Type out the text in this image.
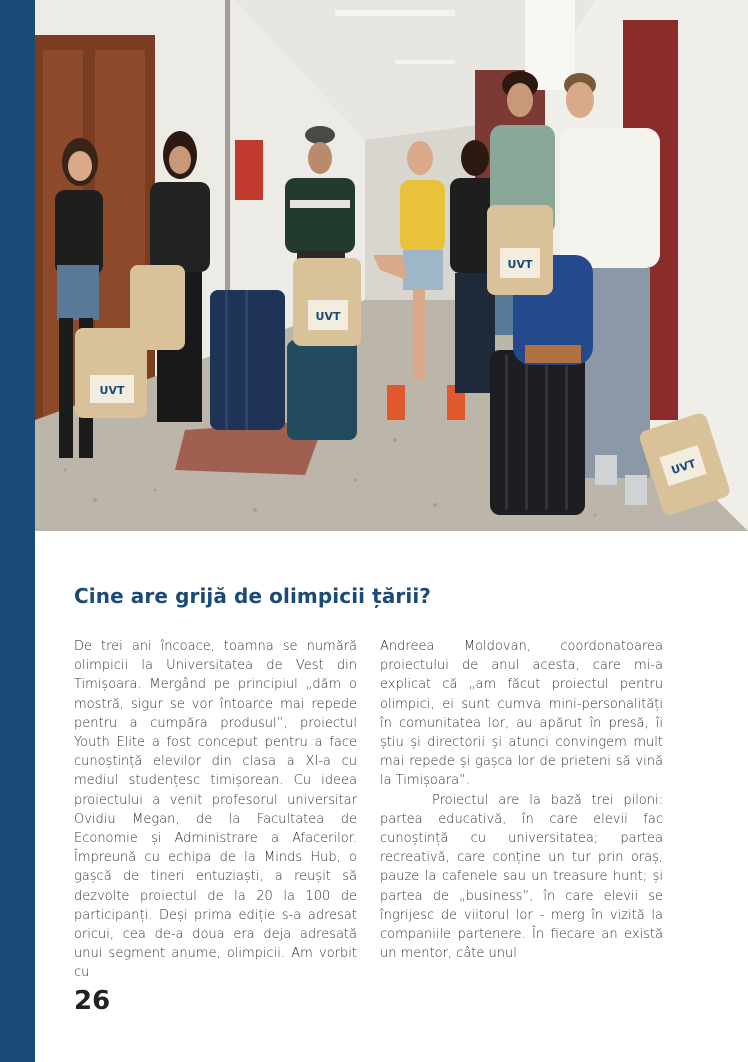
UVT
UVT
UVT
UVT
Cine are grijă de olimpicii țării?

De trei ani încoace, toamna se numără olimpicii la Universitatea de Vest din Timișoara. Mergând pe principiul „dăm o mostră, sigur se vor întoarce mai repede pentru a cumpăra produsul”, proiectul Youth Elite a fost conceput pentru a face cunoștință elevilor din clasa a XI-a cu mediul studențesc timișorean. Cu ideea proiectului a venit profesorul universitar Ovidiu Megan, de la Facultatea de Economie și Administrare a Afacerilor. Împreună cu echipa de la Minds Hub, o gașcă de tineri entuziaști, a reușit să dezvolte proiectul de la 20 la 100 de participanți. Deși prima ediție s-a adresat oricui, cea de-a doua era deja adresată unui segment anume, olimpicii. Am vorbit cu

Andreea Moldovan, coordonatoarea proiectului de anul acesta, care mi-a explicat că „am făcut proiectul pentru olimpici, ei sunt cumva mini-personalități în comunitatea lor, au apărut în presă, îi știu și directorii și atunci convingem mult mai repede și gașca lor de prieteni să vină la Timișoara”.

Proiectul are la bază trei piloni: partea educativă, în care elevii fac cunoștință cu universitatea; partea recreativă, care conține un tur prin oraș, pauze la cafenele sau un treasure hunt; și partea de „business”, în care elevii se îngrijesc de viitorul lor - merg în vizită la companiile partenere. În fiecare an există un mentor, câte unul

26
